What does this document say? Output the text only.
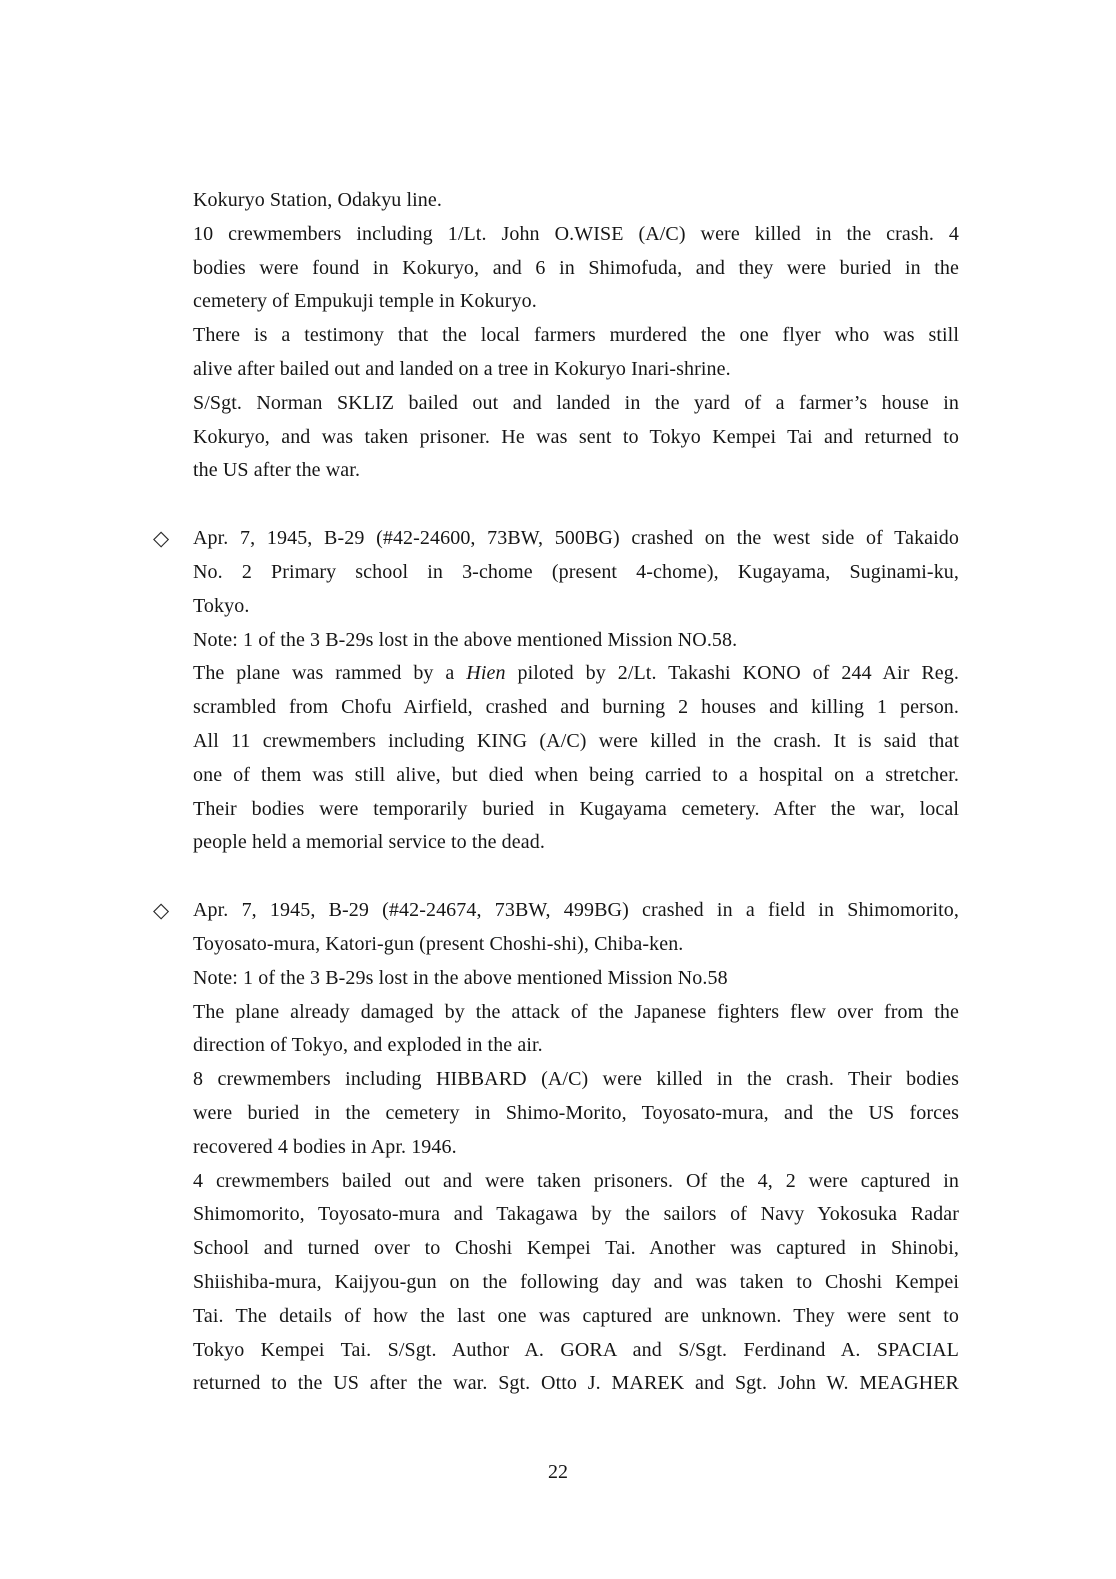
Kokuryo Station, Odakyu line.
10 crewmembers including 1/Lt. John O.WISE (A/C) were killed in the crash. 4
bodies were found in Kokuryo, and 6 in Shimofuda, and they were buried in the
cemetery of Empukuji temple in Kokuryo.
There is a testimony that the local farmers murdered the one flyer who was still
alive after bailed out and landed on a tree in Kokuryo Inari-shrine.
S/Sgt. Norman SKLIZ bailed out and landed in the yard of a farmer’s house in
Kokuryo, and was taken prisoner. He was sent to Tokyo Kempei Tai and returned to
the US after the war.
◇ Apr. 7, 1945, B-29 (#42-24600, 73BW, 500BG) crashed on the west side of Takaido
No. 2 Primary school in 3-chome (present 4-chome), Kugayama, Suginami-ku,
Tokyo.
Note: 1 of the 3 B-29s lost in the above mentioned Mission NO.58.
The plane was rammed by a Hien piloted by 2/Lt. Takashi KONO of 244 Air Reg.
scrambled from Chofu Airfield, crashed and burning 2 houses and killing 1 person.
All 11 crewmembers including KING (A/C) were killed in the crash. It is said that
one of them was still alive, but died when being carried to a hospital on a stretcher.
Their bodies were temporarily buried in Kugayama cemetery. After the war, local
people held a memorial service to the dead.
◇ Apr. 7, 1945, B-29 (#42-24674, 73BW, 499BG) crashed in a field in Shimomorito,
Toyosato-mura, Katori-gun (present Choshi-shi), Chiba-ken.
Note: 1 of the 3 B-29s lost in the above mentioned Mission No.58
The plane already damaged by the attack of the Japanese fighters flew over from the
direction of Tokyo, and exploded in the air.
8 crewmembers including HIBBARD (A/C) were killed in the crash. Their bodies
were buried in the cemetery in Shimo-Morito, Toyosato-mura, and the US forces
recovered 4 bodies in Apr. 1946.
4 crewmembers bailed out and were taken prisoners. Of the 4, 2 were captured in
Shimomorito, Toyosato-mura and Takagawa by the sailors of Navy Yokosuka Radar
School and turned over to Choshi Kempei Tai. Another was captured in Shinobi,
Shiishiba-mura, Kaijyou-gun on the following day and was taken to Choshi Kempei
Tai. The details of how the last one was captured are unknown. They were sent to
Tokyo Kempei Tai. S/Sgt. Author A. GORA and S/Sgt. Ferdinand A. SPACIAL
returned to the US after the war. Sgt. Otto J. MAREK and Sgt. John W. MEAGHER
22
